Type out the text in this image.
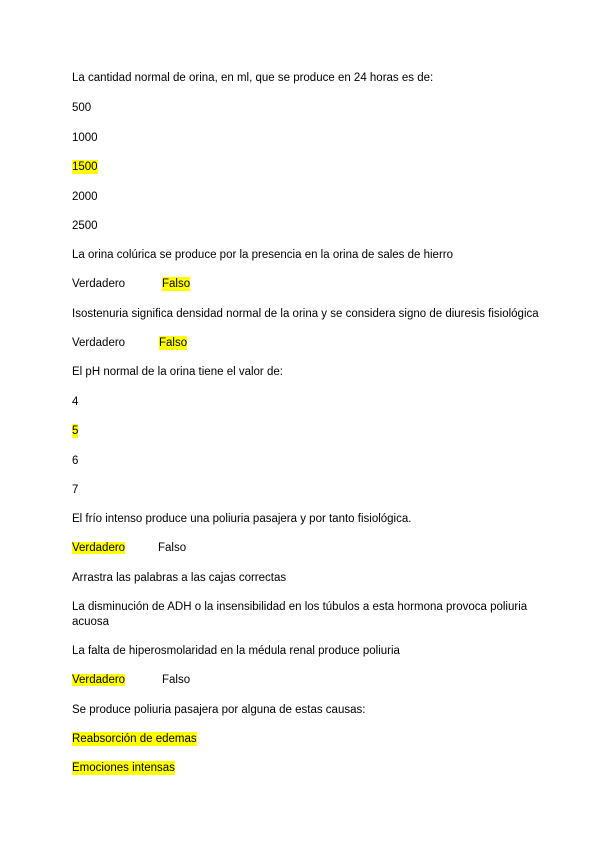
La cantidad normal de orina, en ml, que se produce en 24 horas es de:
500
1000
1500
2000
2500
La orina colúrica se produce por la presencia en la orina de sales de hierro
Verdadero	Falso
Isostenuria significa densidad normal de la orina y se considera signo de diuresis fisiológica
Verdadero	Falso
El pH normal de la orina tiene el valor de:
4
5
6
7
El frío intenso produce una poliuria pasajera y por tanto fisiológica.
Verdadero	Falso
Arrastra las palabras a las cajas correctas
La disminución de ADH o la insensibilidad en los túbulos a esta hormona provoca poliuria acuosa
La falta de hiperosmolaridad en la médula renal produce poliuria
Verdadero	Falso
Se produce poliuria pasajera por alguna de estas causas:
Reabsorción de edemas
Emociones intensas
